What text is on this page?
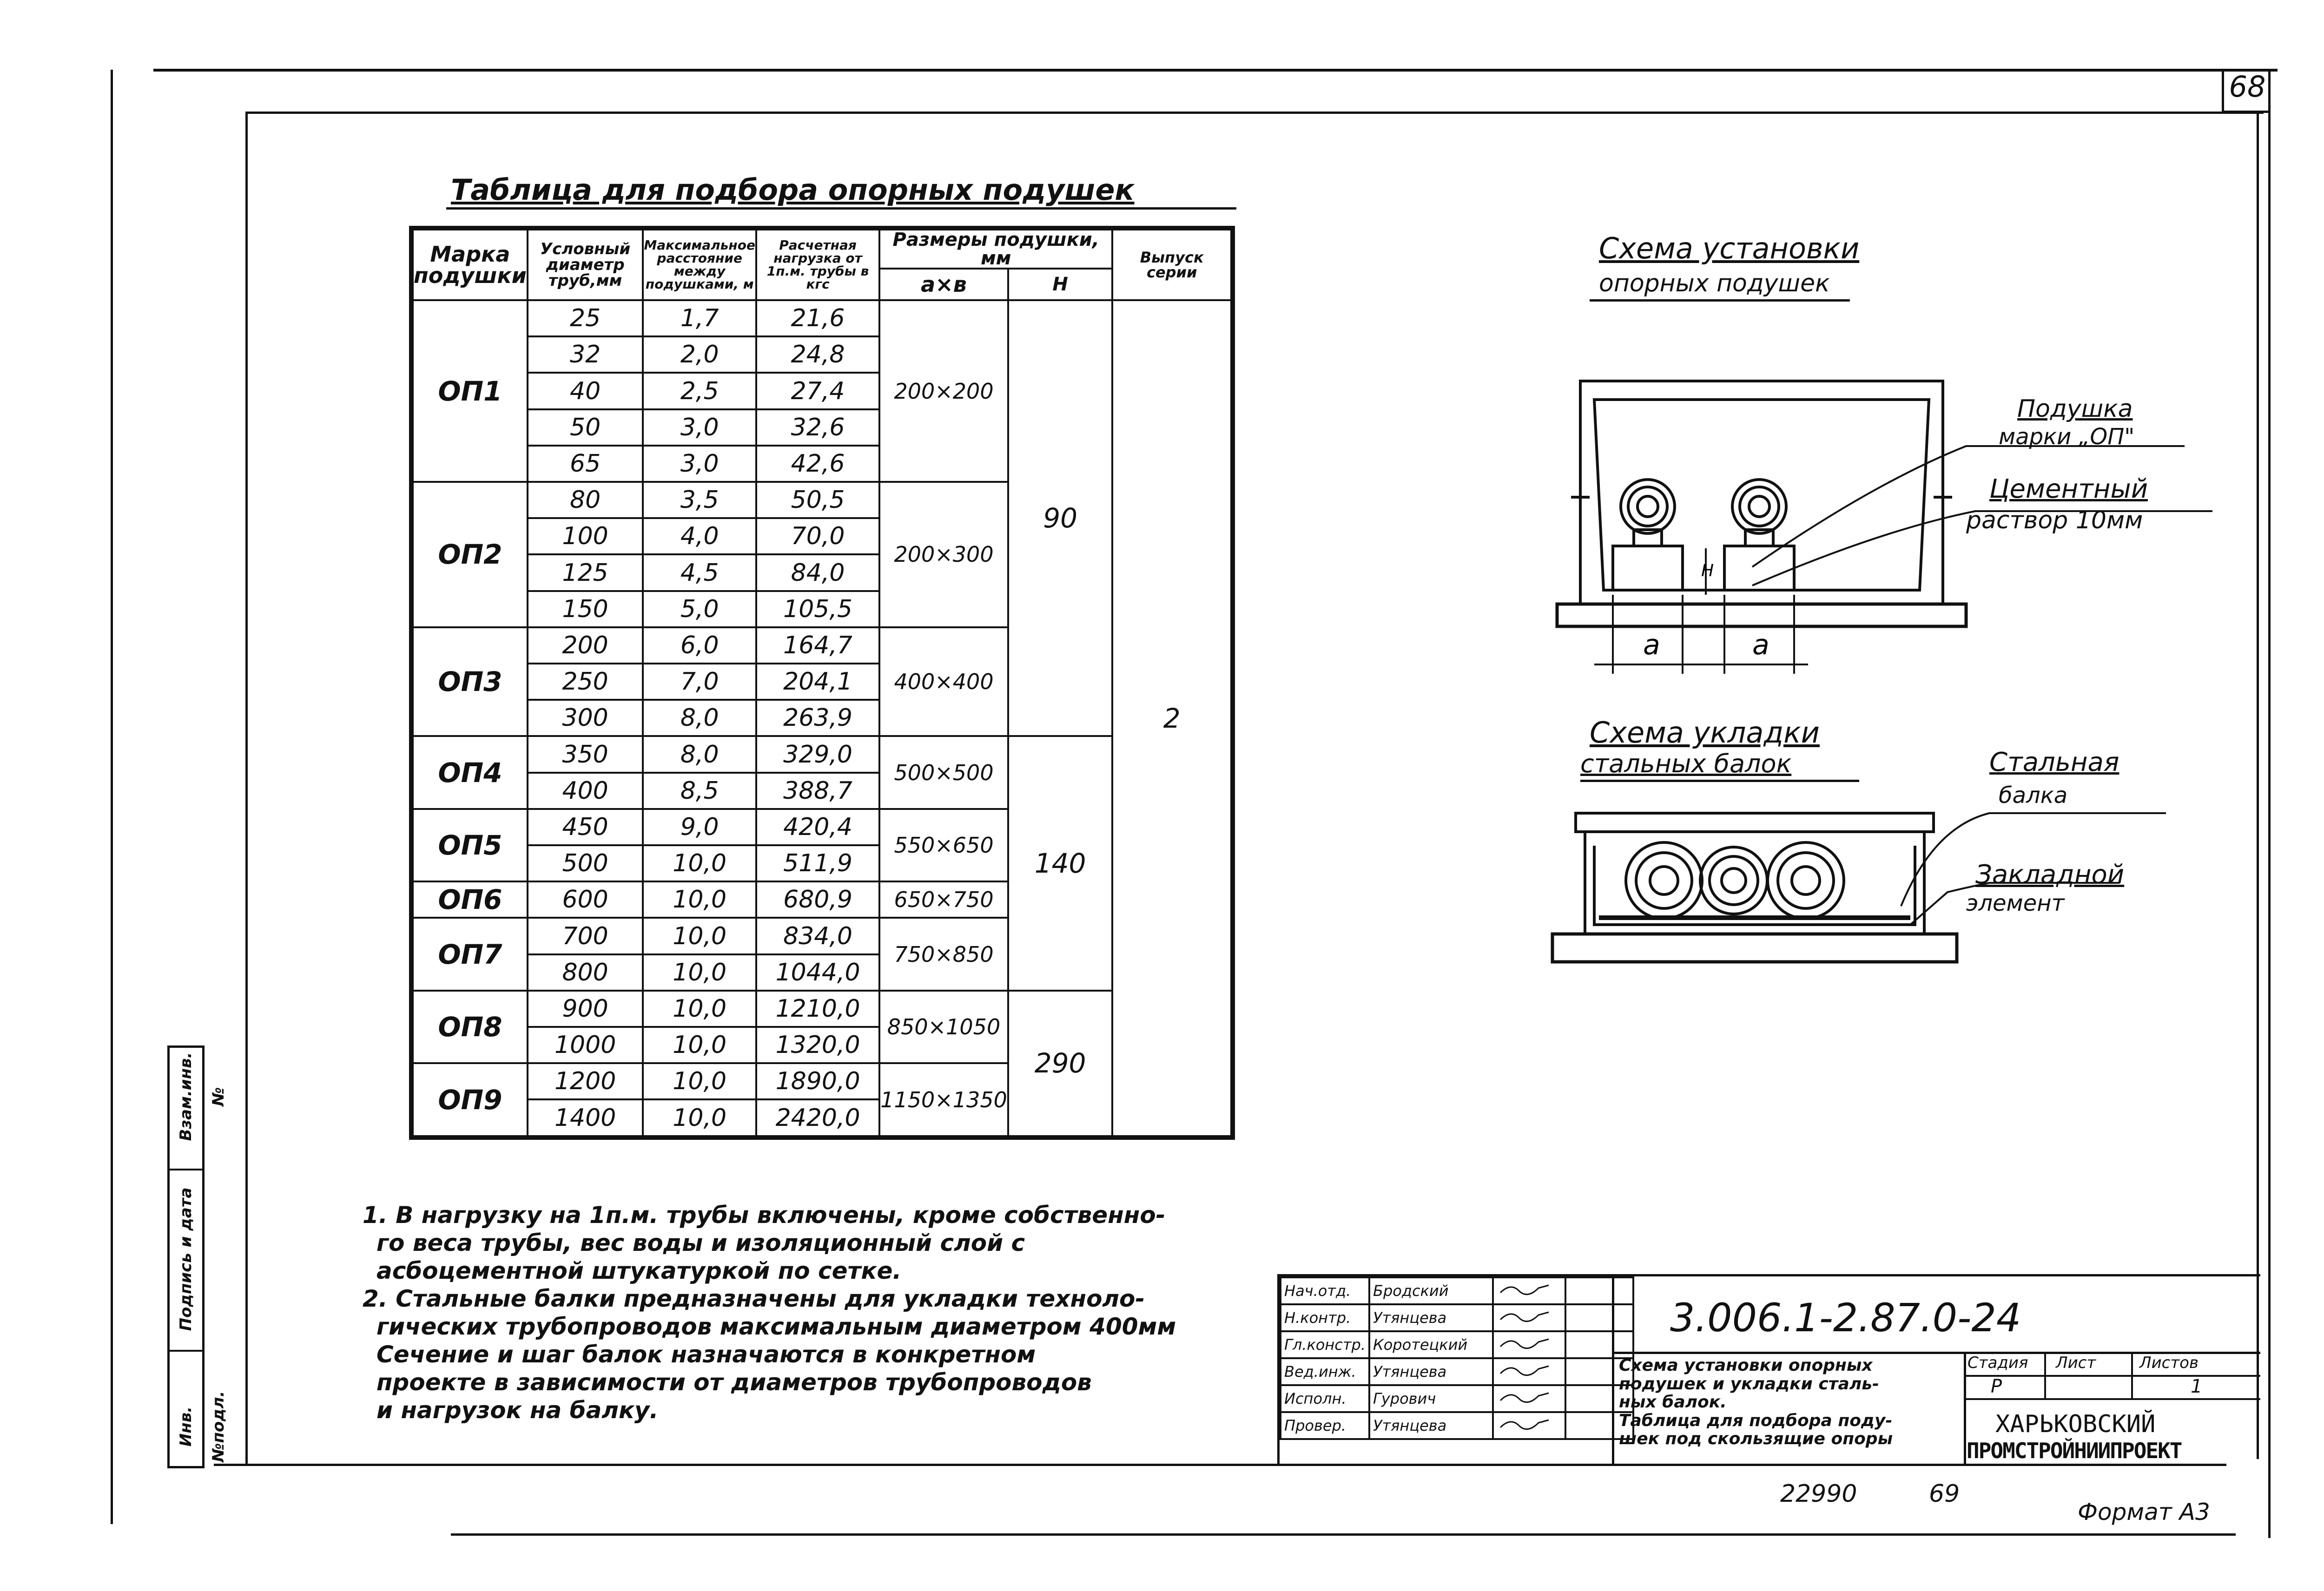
68
Таблица для подбора опорных подушек
Марка подушки	Условный диаметр труб,мм	Максимальное расстояние между подушками, м	Расчетная нагрузка от 1п.м. трубы в кгс	Размеры подушки, мм		Выпуск серии
				а×в	Н	
ОП1	25	1,7	21,6	200×200	90	2
	32	2,0	24,8			
	40	2,5	27,4			
	50	3,0	32,6			
	65	3,0	42,6			
ОП2	80	3,5	50,5	200×300		
	100	4,0	70,0			
	125	4,5	84,0			
	150	5,0	105,5			
ОП3	200	6,0	164,7	400×400		
	250	7,0	204,1			
	300	8,0	263,9			
ОП4	350	8,0	329,0	500×500	140	
	400	8,5	388,7			
ОП5	450	9,0	420,4	550×650		
	500	10,0	511,9			
ОП6	600	10,0	680,9	650×750		
ОП7	700	10,0	834,0	750×850		
	800	10,0	1044,0			
ОП8	900	10,0	1210,0	850×1050	290	
	1000	10,0	1320,0			
ОП9	1200	10,0	1890,0	1150×1350		
	1400	10,0	2420,0			
Схема установки
опорных подушек
а	а
Н
Подушка
марки „ОП"
Цементный
раствор 10мм
Схема укладки
стальных балок	Стальная
балка
Закладной
элемент
1. В нагрузку на 1п.м. трубы включены, кроме собственно-
го веса трубы, вес воды и изоляционный слой с
асбоцементной штукатуркой по сетке.
2. Стальные балки предназначены для укладки техноло-
гических трубопроводов максимальным диаметром 400мм
Сечение и шаг балок назначаются в конкретном
проекте в зависимости от диаметров трубопроводов
и нагрузок на балку.
Инв.№подл.
Подпись и дата
Взам.инв.№
Нач.отд.	Бродский		
Н.контр.	Утянцева		
Гл.констр.	Коротецкий		
Вед.инж.	Утянцева		
Исполн.	Гурович		
Провер.	Утянцева		
3.006.1-2.87.0-24
Схема установки опорных
подушек и укладки сталь-
ных балок.
Таблица для подбора поду-
шек под скользящие опоры
Стадия Лист	Листов
Р	1
ХАРЬКОВСКИЙ
ПРОМСТРОЙНИИПРОЕКТ
22990	69
Формат А3
